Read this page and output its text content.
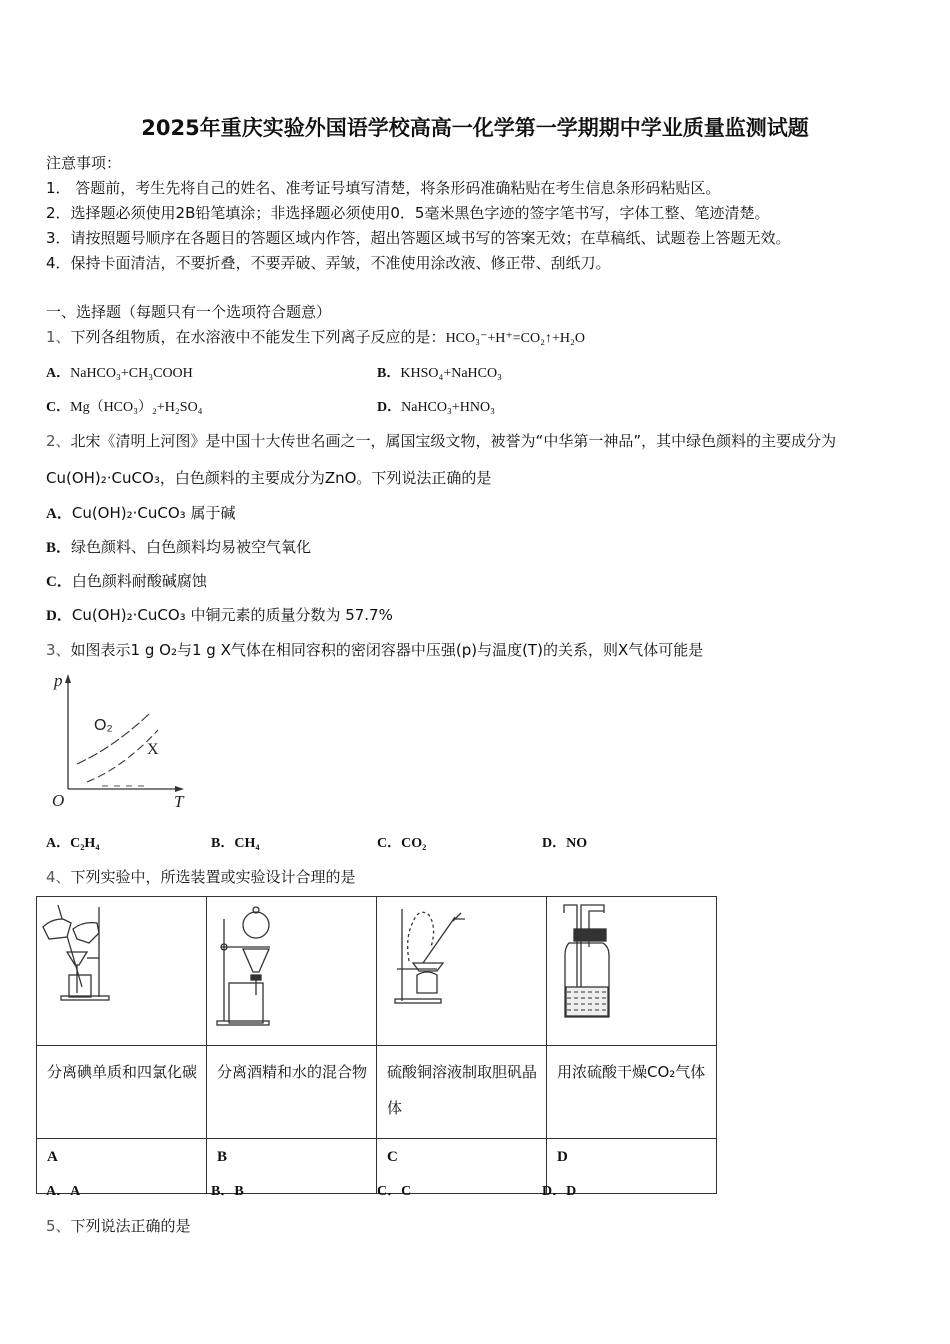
2025年重庆实验外国语学校高高一化学第一学期期中学业质量监测试题
注意事项：
1． 答题前，考生先将自己的姓名、准考证号填写清楚，将条形码准确粘贴在考生信息条形码粘贴区。
2．选择题必须使用2B铅笔填涂；非选择题必须使用0．5毫米黑色字迹的签字笔书写，字体工整、笔迹清楚。
3．请按照题号顺序在各题目的答题区域内作答，超出答题区域书写的答案无效；在草稿纸、试题卷上答题无效。
4．保持卡面清洁，不要折叠，不要弄破、弄皱，不准使用涂改液、修正带、刮纸刀。
一、选择题（每题只有一个选项符合题意）
1、下列各组物质，在水溶液中不能发生下列离子反应的是：HCO₃⁻+H⁺=CO₂↑+H₂O
A．NaHCO₃+CH₃COOH	B．KHSO₄+NaHCO₃
C．Mg（HCO₃）₂+H₂SO₄	D．NaHCO₃+HNO₃
2、北宋《清明上河图》是中国十大传世名画之一，属国宝级文物，被誉为“中华第一神品”，其中绿色颜料的主要成分为
Cu(OH)₂·CuCO₃，白色颜料的主要成分为ZnO。下列说法正确的是
A．Cu(OH)₂·CuCO₃ 属于碱
B．绿色颜料、白色颜料均易被空气氧化
C．白色颜料耐酸碱腐蚀
D．Cu(OH)₂·CuCO₃ 中铜元素的质量分数为 57.7%
3、如图表示1 g O₂与1 g X气体在相同容积的密闭容器中压强(p)与温度(T)的关系，则X气体可能是
p
T
O
O₂
X
A．C₂H₄	B．CH₄	C．CO₂	D．NO
4、下列实验中，所选装置或实验设计合理的是

分离碘单质和四氯化碳	分离酒精和水的混合物	硫酸铜溶液制取胆矾晶体	用浓硫酸干燥CO₂气体
A	B	C	D
A．A	B．B	C．C	D．D
5、下列说法正确的是
